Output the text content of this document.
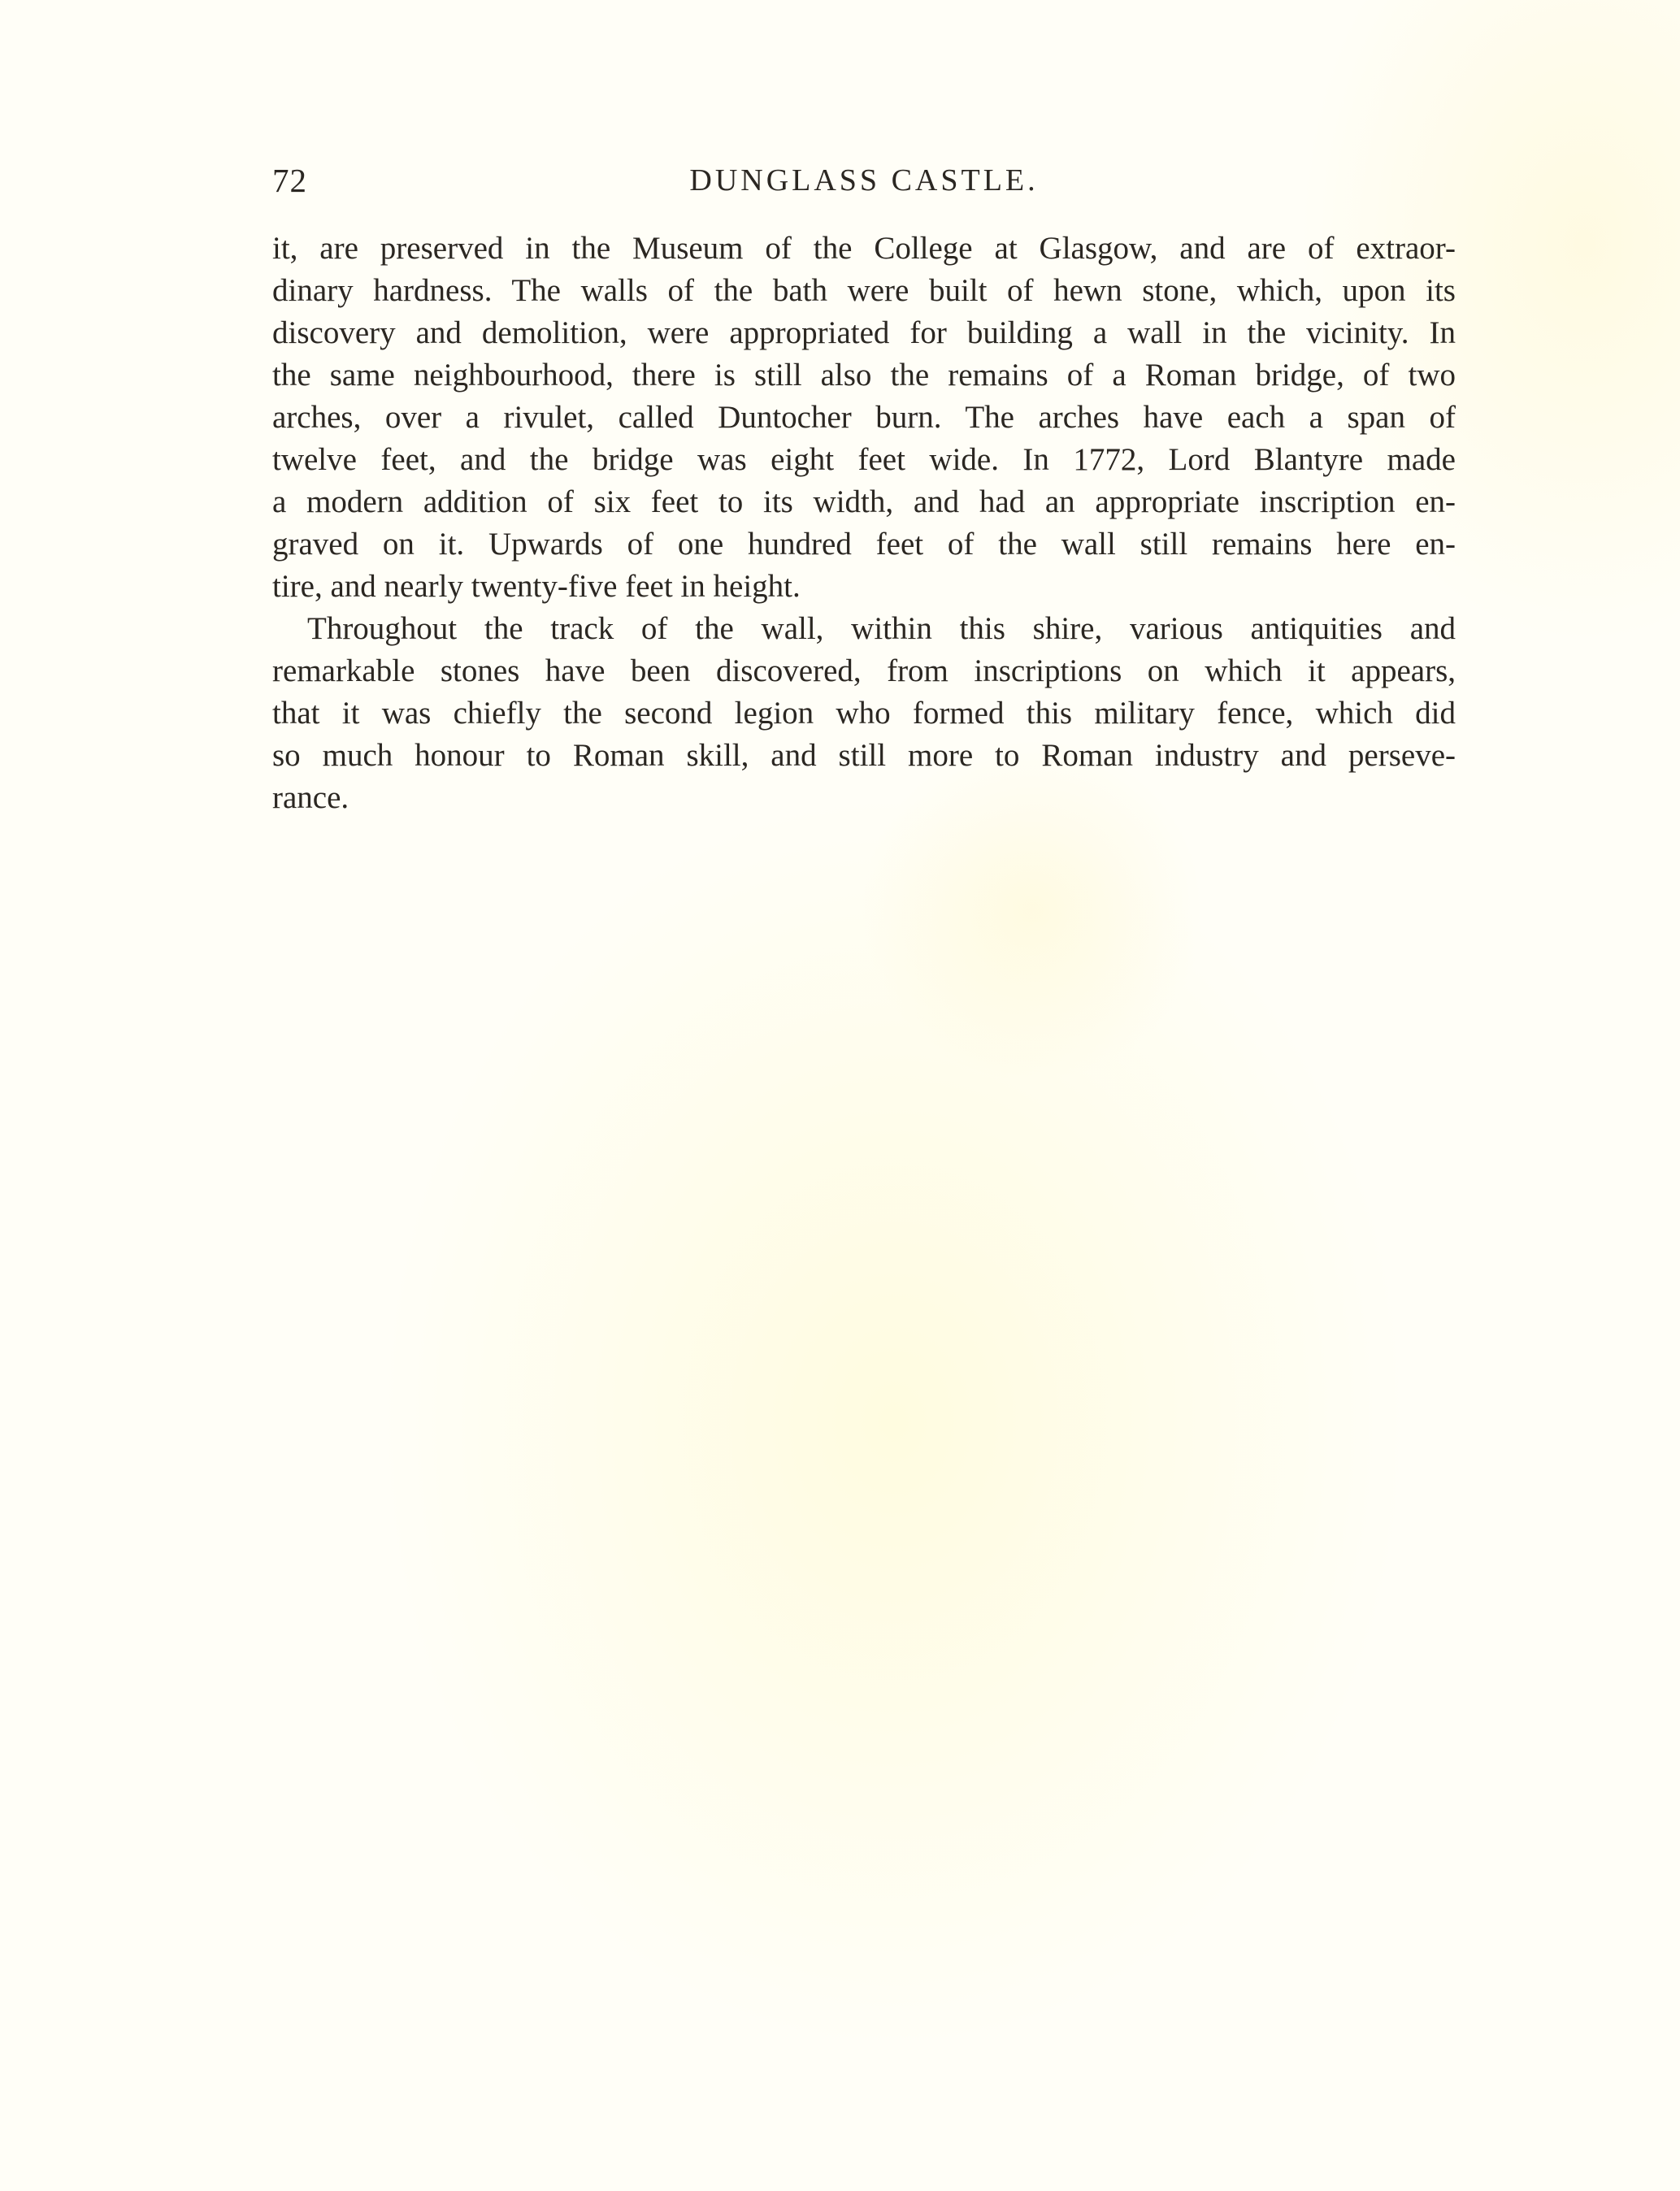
72	DUNGLASS CASTLE.
it, are preserved in the Museum of the College at Glasgow, and are of extraor-
dinary hardness. The walls of the bath were built of hewn stone, which, upon its
discovery and demolition, were appropriated for building a wall in the vicinity. In
the same neighbourhood, there is still also the remains of a Roman bridge, of two
arches, over a rivulet, called Duntocher burn. The arches have each a span of
twelve feet, and the bridge was eight feet wide. In 1772, Lord Blantyre made
a modern addition of six feet to its width, and had an appropriate inscription en-
graved on it. Upwards of one hundred feet of the wall still remains here en-
tire, and nearly twenty-five feet in height.
Throughout the track of the wall, within this shire, various antiquities and
remarkable stones have been discovered, from inscriptions on which it appears,
that it was chiefly the second legion who formed this military fence, which did
so much honour to Roman skill, and still more to Roman industry and perseve-
rance.
